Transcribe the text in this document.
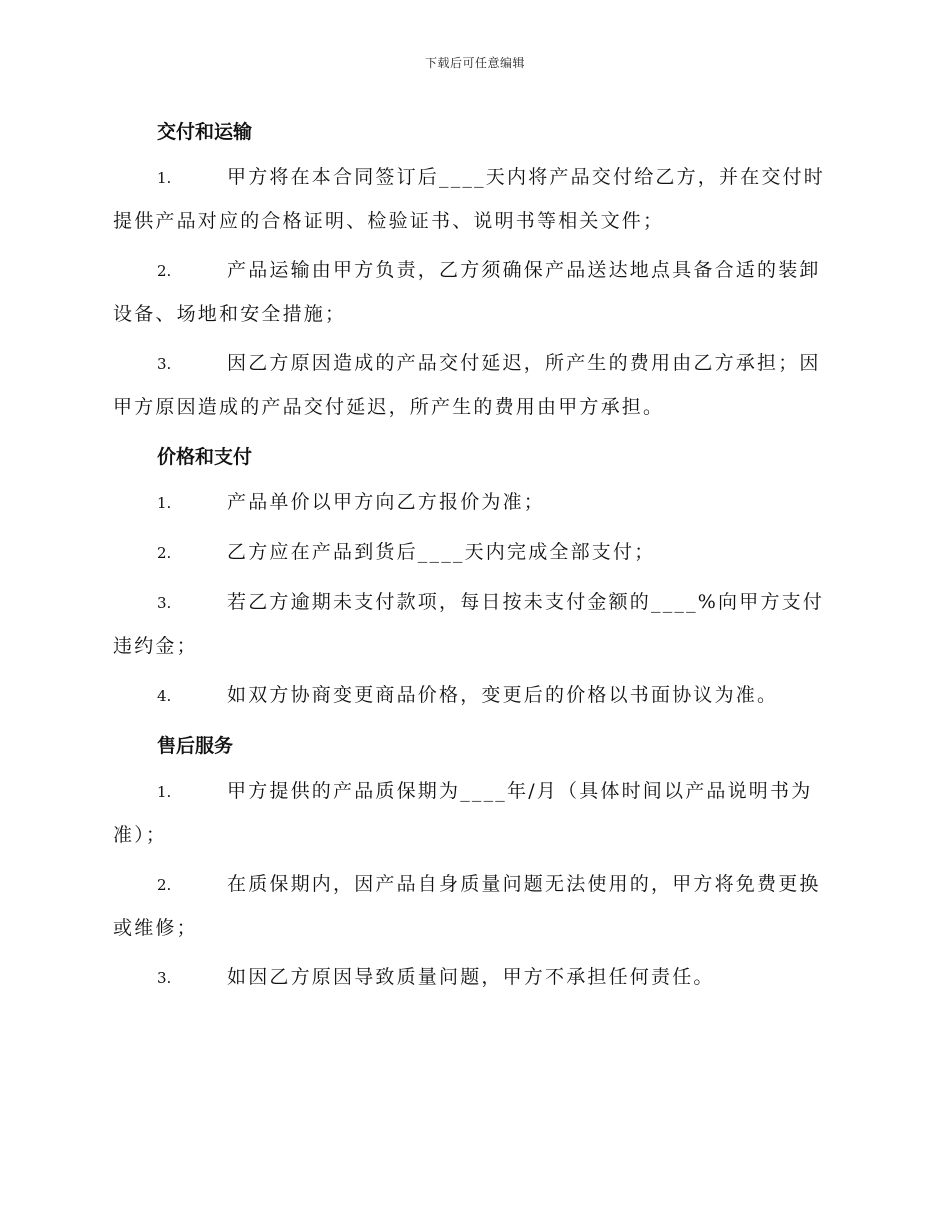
下载后可任意编辑
交付和运输
1.	甲方将在本合同签订后____天内将产品交付给乙方，并在交付时提供产品对应的合格证明、检验证书、说明书等相关文件；
2.	产品运输由甲方负责，乙方须确保产品送达地点具备合适的装卸设备、场地和安全措施；
3.	因乙方原因造成的产品交付延迟，所产生的费用由乙方承担；因甲方原因造成的产品交付延迟，所产生的费用由甲方承担。
价格和支付
1.	产品单价以甲方向乙方报价为准；
2.	乙方应在产品到货后____天内完成全部支付；
3.	若乙方逾期未支付款项，每日按未支付金额的____%向甲方支付违约金；
4.	如双方协商变更商品价格，变更后的价格以书面协议为准。
售后服务
1.	甲方提供的产品质保期为____年/月（具体时间以产品说明书为准）；
2.	在质保期内，因产品自身质量问题无法使用的，甲方将免费更换或维修；
3.	如因乙方原因导致质量问题，甲方不承担任何责任。
